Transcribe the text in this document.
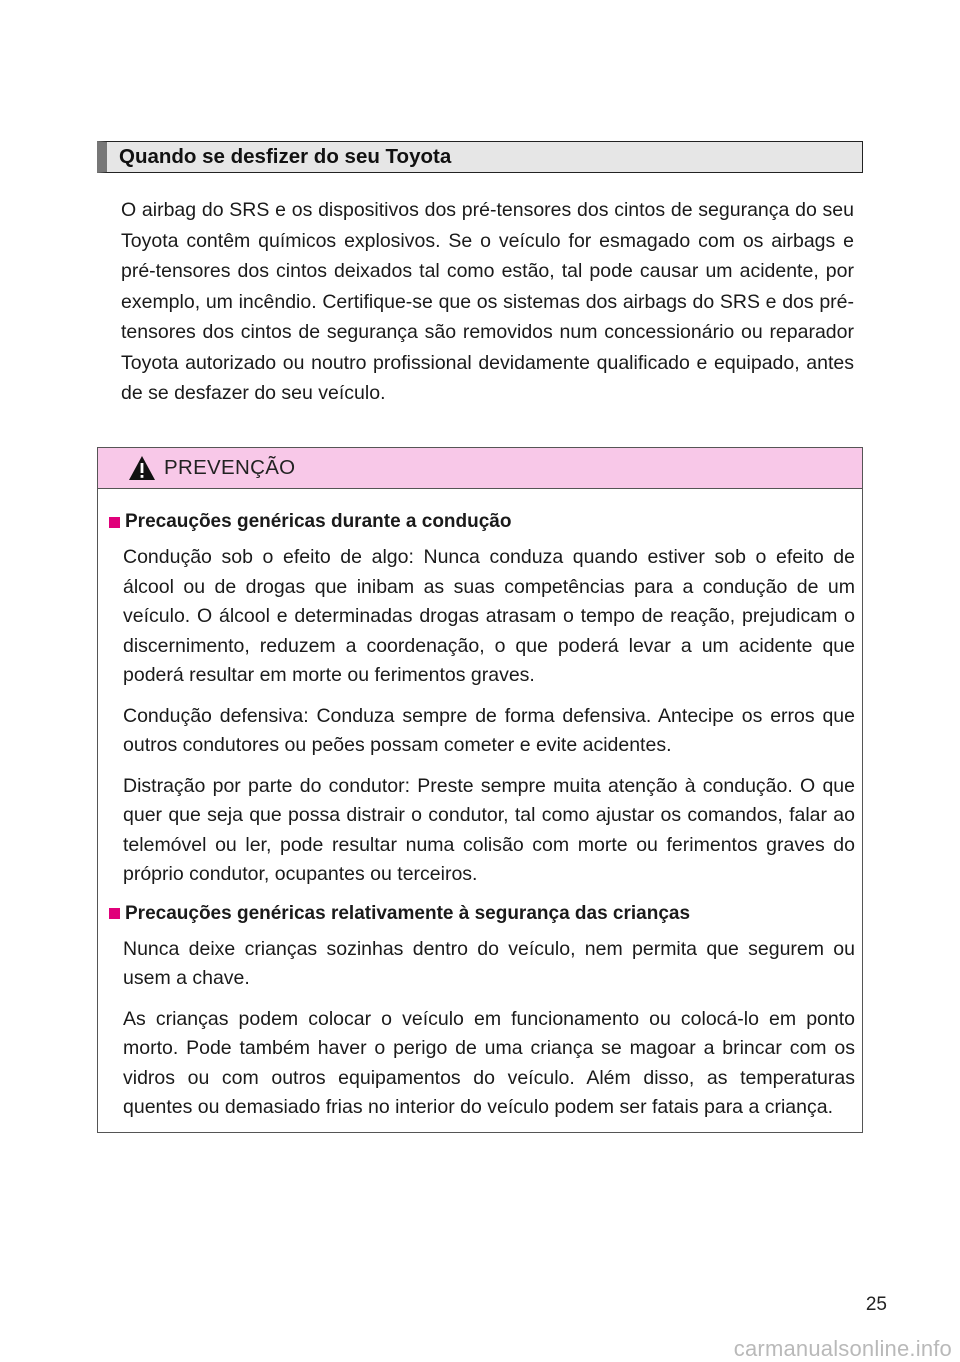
Quando se desfizer do seu Toyota

O airbag do SRS e os dispositivos dos pré-tensores dos cintos de segurança do seu Toyota contêm químicos explosivos. Se o veículo for esmagado com os airbags e pré-tensores dos cintos deixados tal como estão, tal pode causar um acidente, por exemplo, um incêndio. Certifique-se que os sistemas dos airbags do SRS e dos pré-tensores dos cintos de segurança são removidos num concessionário ou reparador Toyota autorizado ou noutro profissional devidamente qualificado e equipado, antes de se desfazer do seu veículo.

PREVENÇÃO
Precauções genéricas durante a condução

Condução sob o efeito de algo: Nunca conduza quando estiver sob o efeito de álcool ou de drogas que inibam as suas competências para a condução de um veículo. O álcool e determinadas drogas atrasam o tempo de reação, prejudicam o discernimento, reduzem a coordenação, o que poderá levar a um acidente que poderá resultar em morte ou ferimentos graves.

Condução defensiva: Conduza sempre de forma defensiva. Antecipe os erros que outros condutores ou peões possam cometer e evite acidentes.

Distração por parte do condutor: Preste sempre muita atenção à condução. O que quer que seja que possa distrair o condutor, tal como ajustar os comandos, falar ao telemóvel ou ler, pode resultar numa colisão com morte ou ferimentos graves do próprio condutor, ocupantes ou terceiros.

Precauções genéricas relativamente à segurança das crianças

Nunca deixe crianças sozinhas dentro do veículo, nem permita que segurem ou usem a chave.

As crianças podem colocar o veículo em funcionamento ou colocá-lo em ponto morto. Pode também haver o perigo de uma criança se magoar a brincar com os vidros ou com outros equipamentos do veículo. Além disso, as temperaturas quentes ou demasiado frias no interior do veículo podem ser fatais para a criança.

25
carmanualsonline.info
